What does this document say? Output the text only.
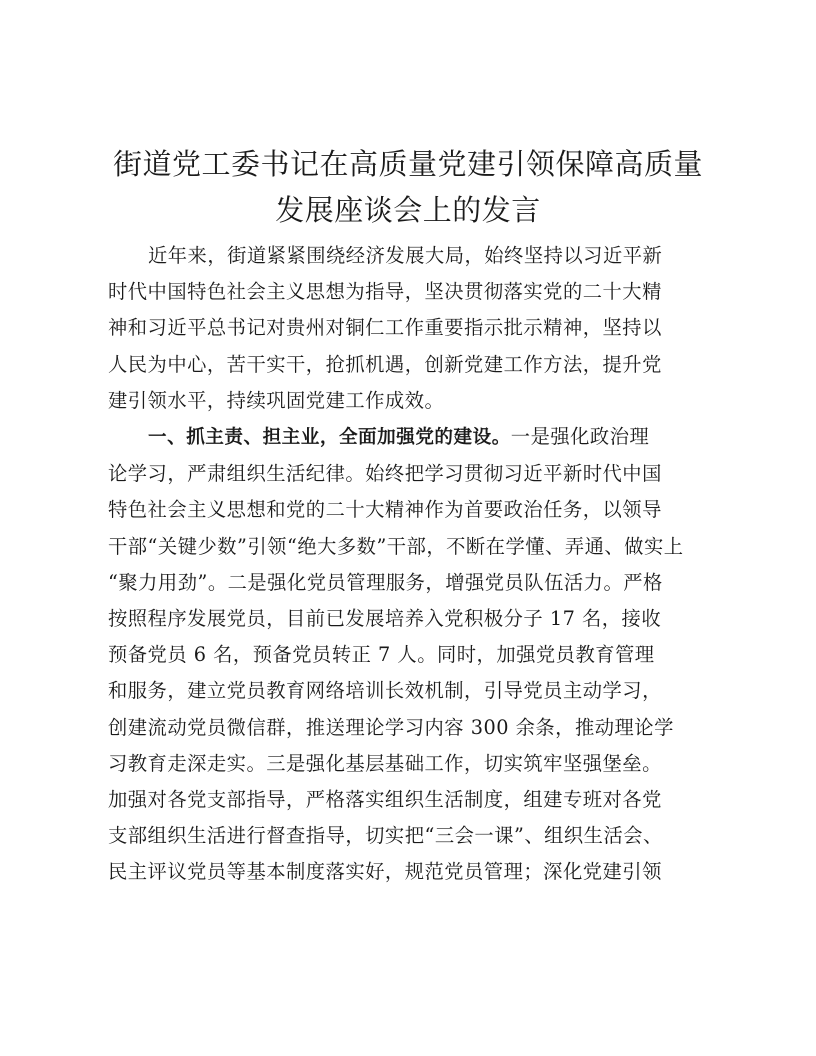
街道党工委书记在高质量党建引领保障高质量
发展座谈会上的发言

近年来，街道紧紧围绕经济发展大局，始终坚持以习近平新
时代中国特色社会主义思想为指导，坚决贯彻落实党的二十大精
神和习近平总书记对贵州对铜仁工作重要指示批示精神，坚持以
人民为中心，苦干实干，抢抓机遇，创新党建工作方法，提升党
建引领水平，持续巩固党建工作成效。

一、抓主责、担主业，全面加强党的建设。一是强化政治理
论学习，严肃组织生活纪律。始终把学习贯彻习近平新时代中国
特色社会主义思想和党的二十大精神作为首要政治任务，以领导
干部“关键少数”引领“绝大多数”干部，不断在学懂、弄通、做实上
“聚力用劲”。二是强化党员管理服务，增强党员队伍活力。严格
按照程序发展党员，目前已发展培养入党积极分子 17 名，接收
预备党员 6 名，预备党员转正 7 人。同时，加强党员教育管理
和服务，建立党员教育网络培训长效机制，引导党员主动学习，
创建流动党员微信群，推送理论学习内容 300 余条，推动理论学
习教育走深走实。三是强化基层基础工作，切实筑牢坚强堡垒。
加强对各党支部指导，严格落实组织生活制度，组建专班对各党
支部组织生活进行督查指导，切实把“三会一课”、组织生活会、
民主评议党员等基本制度落实好，规范党员管理；深化党建引领
